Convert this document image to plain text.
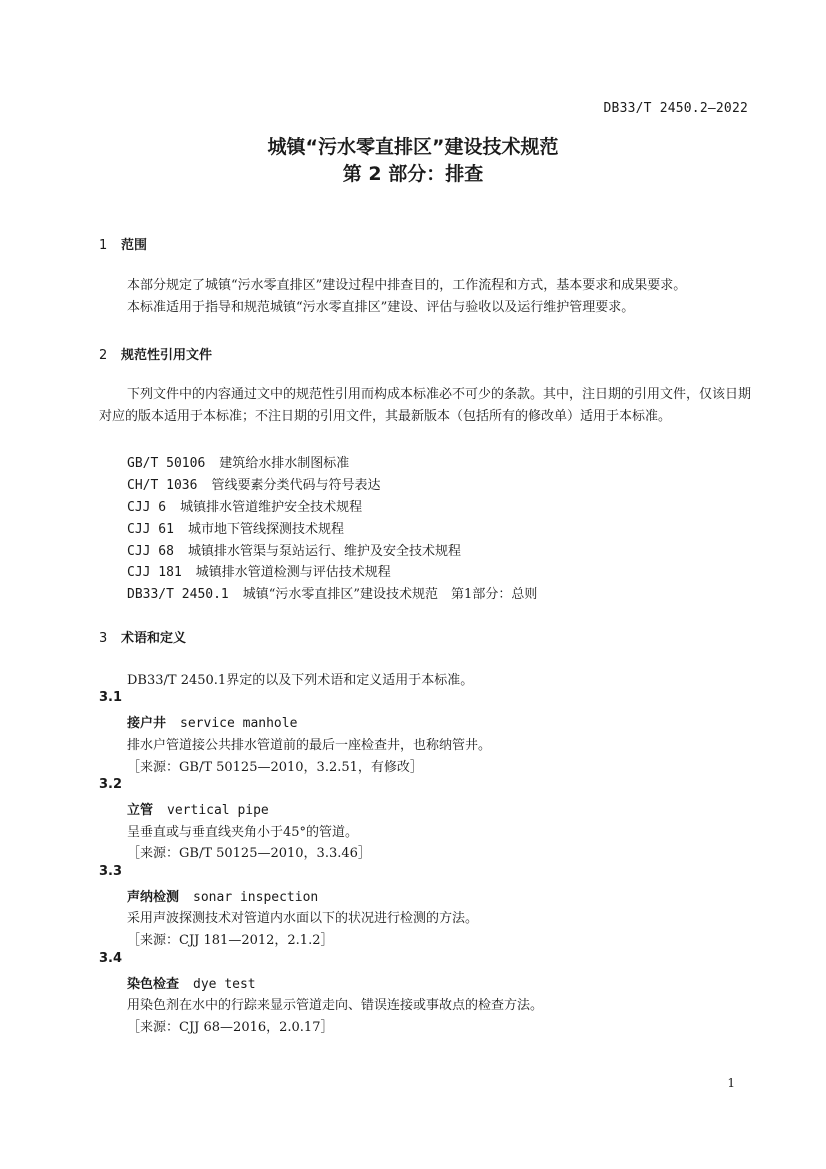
DB33/T 2450.2—2022
城镇“污水零直排区”建设技术规范
第 2 部分：排查
1 范围
本部分规定了城镇“污水零直排区”建设过程中排查目的，工作流程和方式，基本要求和成果要求。
本标准适用于指导和规范城镇“污水零直排区”建设、评估与验收以及运行维护管理要求。
2 规范性引用文件
下列文件中的内容通过文中的规范性引用而构成本标准必不可少的条款。其中，注日期的引用文件，仅该日期对应的版本适用于本标准；不注日期的引用文件，其最新版本（包括所有的修改单）适用于本标准。
GB/T 50106 建筑给水排水制图标准
CH/T 1036 管线要素分类代码与符号表达
CJJ 6 城镇排水管道维护安全技术规程
CJJ 61 城市地下管线探测技术规程
CJJ 68 城镇排水管渠与泵站运行、维护及安全技术规程
CJJ 181 城镇排水管道检测与评估技术规程
DB33/T 2450.1 城镇“污水零直排区”建设技术规范　第1部分：总则
3 术语和定义
DB33/T 2450.1界定的以及下列术语和定义适用于本标准。
3.1
接户井 service manhole
排水户管道接公共排水管道前的最后一座检查井，也称纳管井。
［来源：GB/T 50125—2010，3.2.51，有修改］
3.2
立管 vertical pipe
呈垂直或与垂直线夹角小于45°的管道。
［来源：GB/T 50125—2010，3.3.46］
3.3
声纳检测 sonar inspection
采用声波探测技术对管道内水面以下的状况进行检测的方法。
［来源：CJJ 181—2012，2.1.2］
3.4
染色检查 dye test
用染色剂在水中的行踪来显示管道走向、错误连接或事故点的检查方法。
［来源：CJJ 68—2016，2.0.17］
1
